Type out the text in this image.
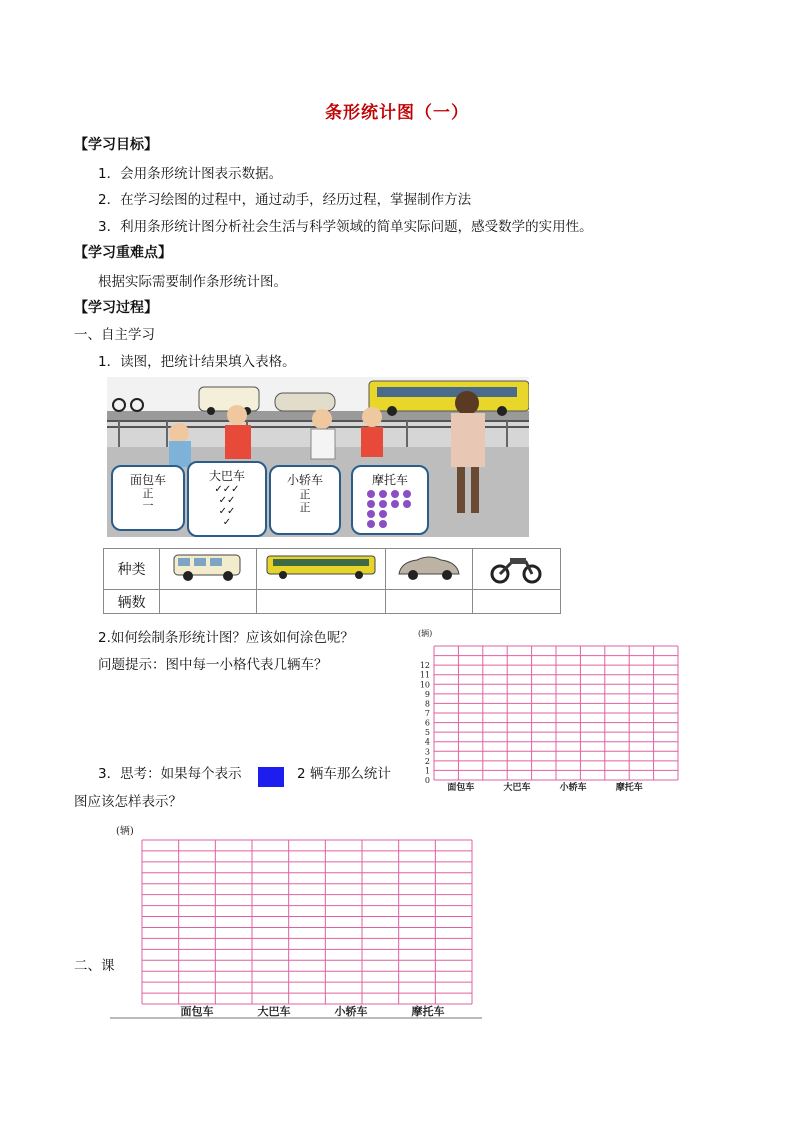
条形统计图（一）
【学习目标】
1．会用条形统计图表示数据。
2．在学习绘图的过程中，通过动手，经历过程，掌握制作方法
3．利用条形统计图分析社会生活与科学领域的简单实际问题，感受数学的实用性。
【学习重难点】
根据实际需要制作条形统计图。
【学习过程】
一、自主学习
1．读图，把统计结果填入表格。
面包车
正
一
大巴车
✓✓✓
✓✓
✓✓
✓
小轿车
正
正
摩托车
种类				
辆数				
2.如何绘制条形统计图？应该如何涂色呢？
问题提示：图中每一小格代表几辆车？
(辆)
0
1
2
3
4
5
6
7
8
9
10
11
12
面包车	大巴车	小轿车	摩托车
3．思考：如果每个表示	2 辆车那么统计
图应该怎样表示？
(辆)
面包车	大巴车	小轿车	摩托车
二、课
